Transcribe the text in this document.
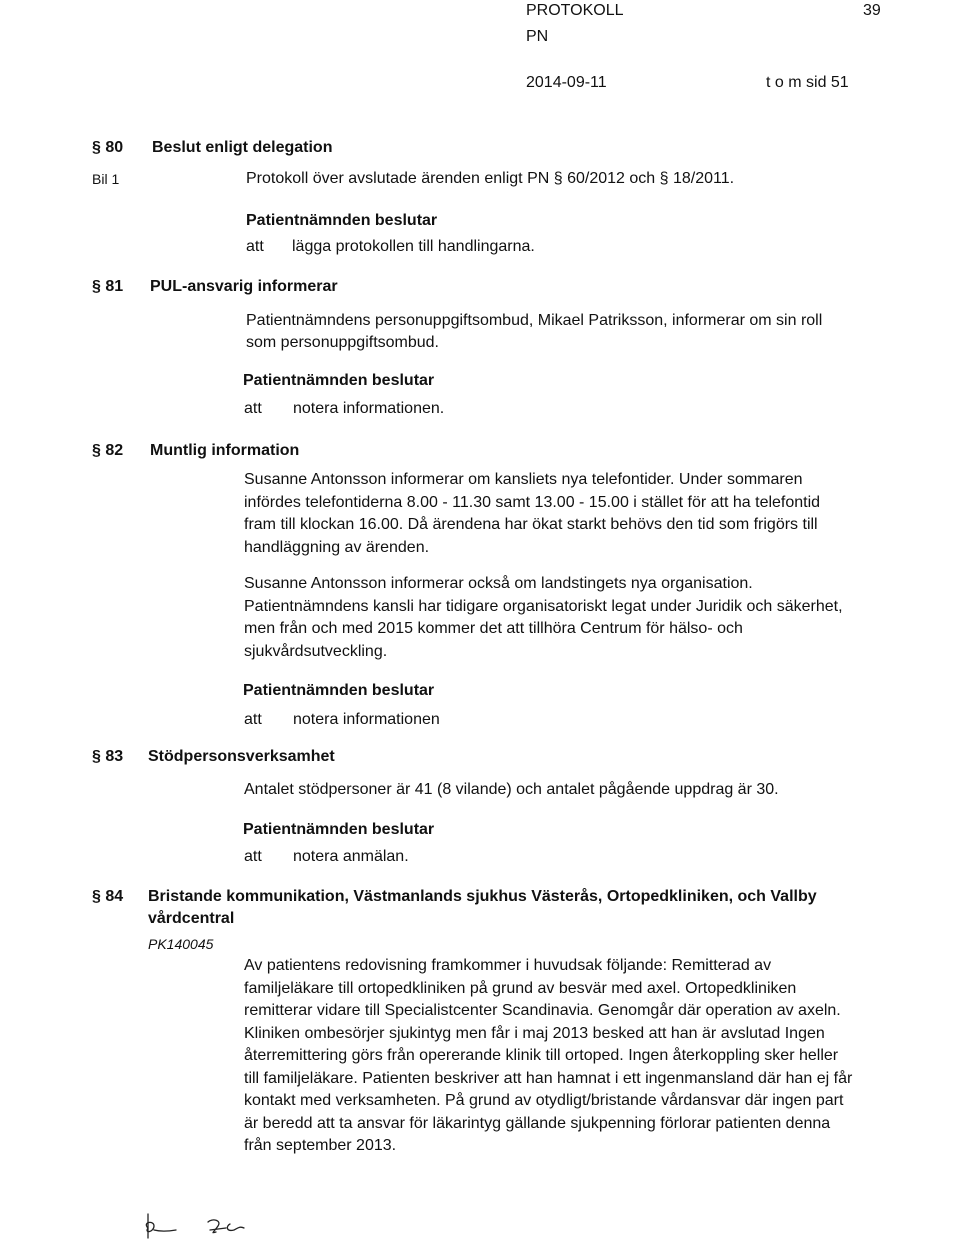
PROTOKOLL	39
PN
2014-09-11	t o m sid 51
§ 80 Beslut enligt delegation
Bil 1	Protokoll över avslutade ärenden enligt PN § 60/2012 och § 18/2011.
Patientnämnden beslutar
att lägga protokollen till handlingarna.
§ 81 PUL-ansvarig informerar
Patientnämndens personuppgiftsombud, Mikael Patriksson, informerar om sin roll
som personuppgiftsombud.
Patientnämnden beslutar
att notera informationen.
§ 82 Muntlig information
Susanne Antonsson informerar om kansliets nya telefontider. Under sommaren infördes telefontiderna 8.00 - 11.30 samt 13.00 - 15.00 i stället för att ha telefontid fram till klockan 16.00. Då ärendena har ökat starkt behövs den tid som frigörs till handläggning av ärenden.
Susanne Antonsson informerar också om landstingets nya organisation. Patientnämndens kansli har tidigare organisatoriskt legat under Juridik och säkerhet, men från och med 2015 kommer det att tillhöra Centrum för hälso- och sjukvårdsutveckling.
Patientnämnden beslutar
att notera informationen
§ 83 Stödpersonsverksamhet
Antalet stödpersoner är 41 (8 vilande) och antalet pågående uppdrag är 30.
Patientnämnden beslutar
att notera anmälan.
§ 84 Bristande kommunikation, Västmanlands sjukhus Västerås, Ortopedkliniken, och Vallby
vårdcentral
PK140045
Av patientens redovisning framkommer i huvudsak följande: Remitterad av familjeläkare till ortopedkliniken på grund av besvär med axel. Ortopedkliniken remitterar vidare till Specialistcenter Scandinavia. Genomgår där operation av axeln. Kliniken ombesörjer sjukintyg men får i maj 2013 besked att han är avslutad Ingen återremittering görs från opererande klinik till ortoped. Ingen återkoppling sker heller till familjeläkare. Patienten beskriver att han hamnat i ett ingenmansland där han ej får kontakt med verksamheten. På grund av otydligt/bristande vårdansvar där ingen part är beredd att ta ansvar för läkarintyg gällande sjukpenning förlorar patienten denna från september 2013.
